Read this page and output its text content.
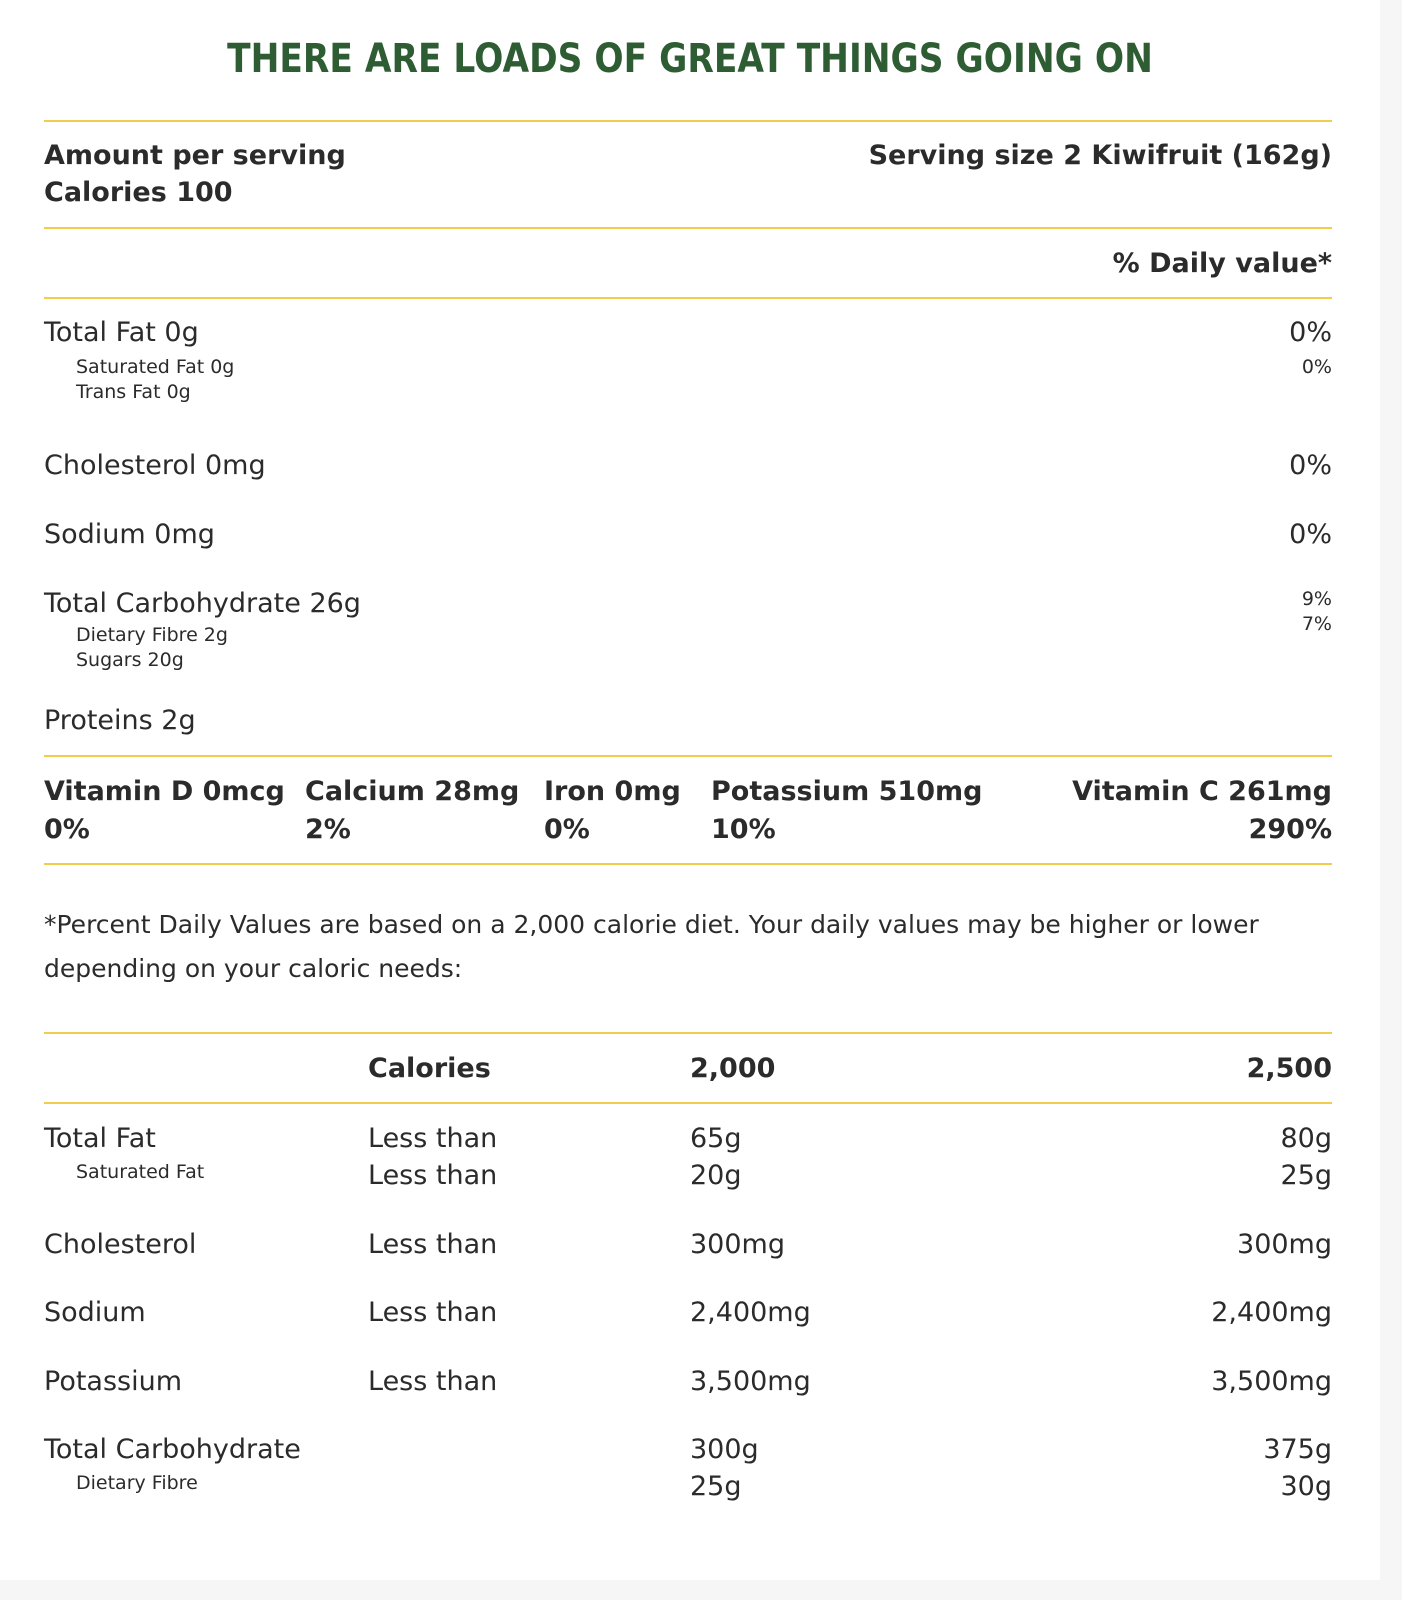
THERE ARE LOADS OF GREAT THINGS GOING ON
Amount per serving
Calories 100
Serving size 2 Kiwifruit (162g)
% Daily value*
Total Fat 0g	0%
Saturated Fat 0g	0%
Trans Fat 0g
Cholesterol 0mg	0%
Sodium 0mg	0%
Total Carbohydrate 26g	9%
Dietary Fibre 2g	7%
Sugars 20g
Proteins 2g
Vitamin D 0mcg
0%
Calcium 28mg
2%
Iron 0mg
0%
Potassium 510mg
10%
Vitamin C 261mg
290%
*Percent Daily Values are based on a 2,000 calorie diet. Your daily values may be higher or lower
depending on your caloric needs:
Calories	2,000	2,500
Total Fat	Less than	65g	80g
Saturated Fat	Less than	20g	25g
Cholesterol	Less than	300mg	300mg
Sodium	Less than	2,400mg	2,400mg
Potassium	Less than	3,500mg	3,500mg
Total Carbohydrate	300g	375g
Dietary Fibre	25g	30g
